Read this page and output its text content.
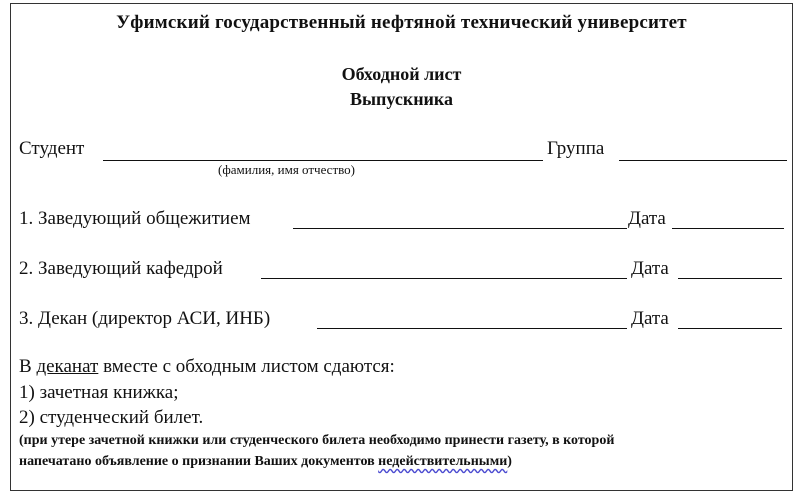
Уфимский государственный нефтяной технический университет
Обходной лист
Выпускника
Студент	Группа
(фамилия, имя отчество)
1. Заведующий общежитием	Дата
2. Заведующий кафедрой	Дата
3. Декан (директор АСИ, ИНБ)	Дата
В деканат вместе с обходным листом сдаются:
1) зачетная книжка;
2) студенческий билет.
(при утере зачетной книжки или студенческого билета необходимо принести газету, в которой
напечатано объявление о признании Ваших документов недействительными)
